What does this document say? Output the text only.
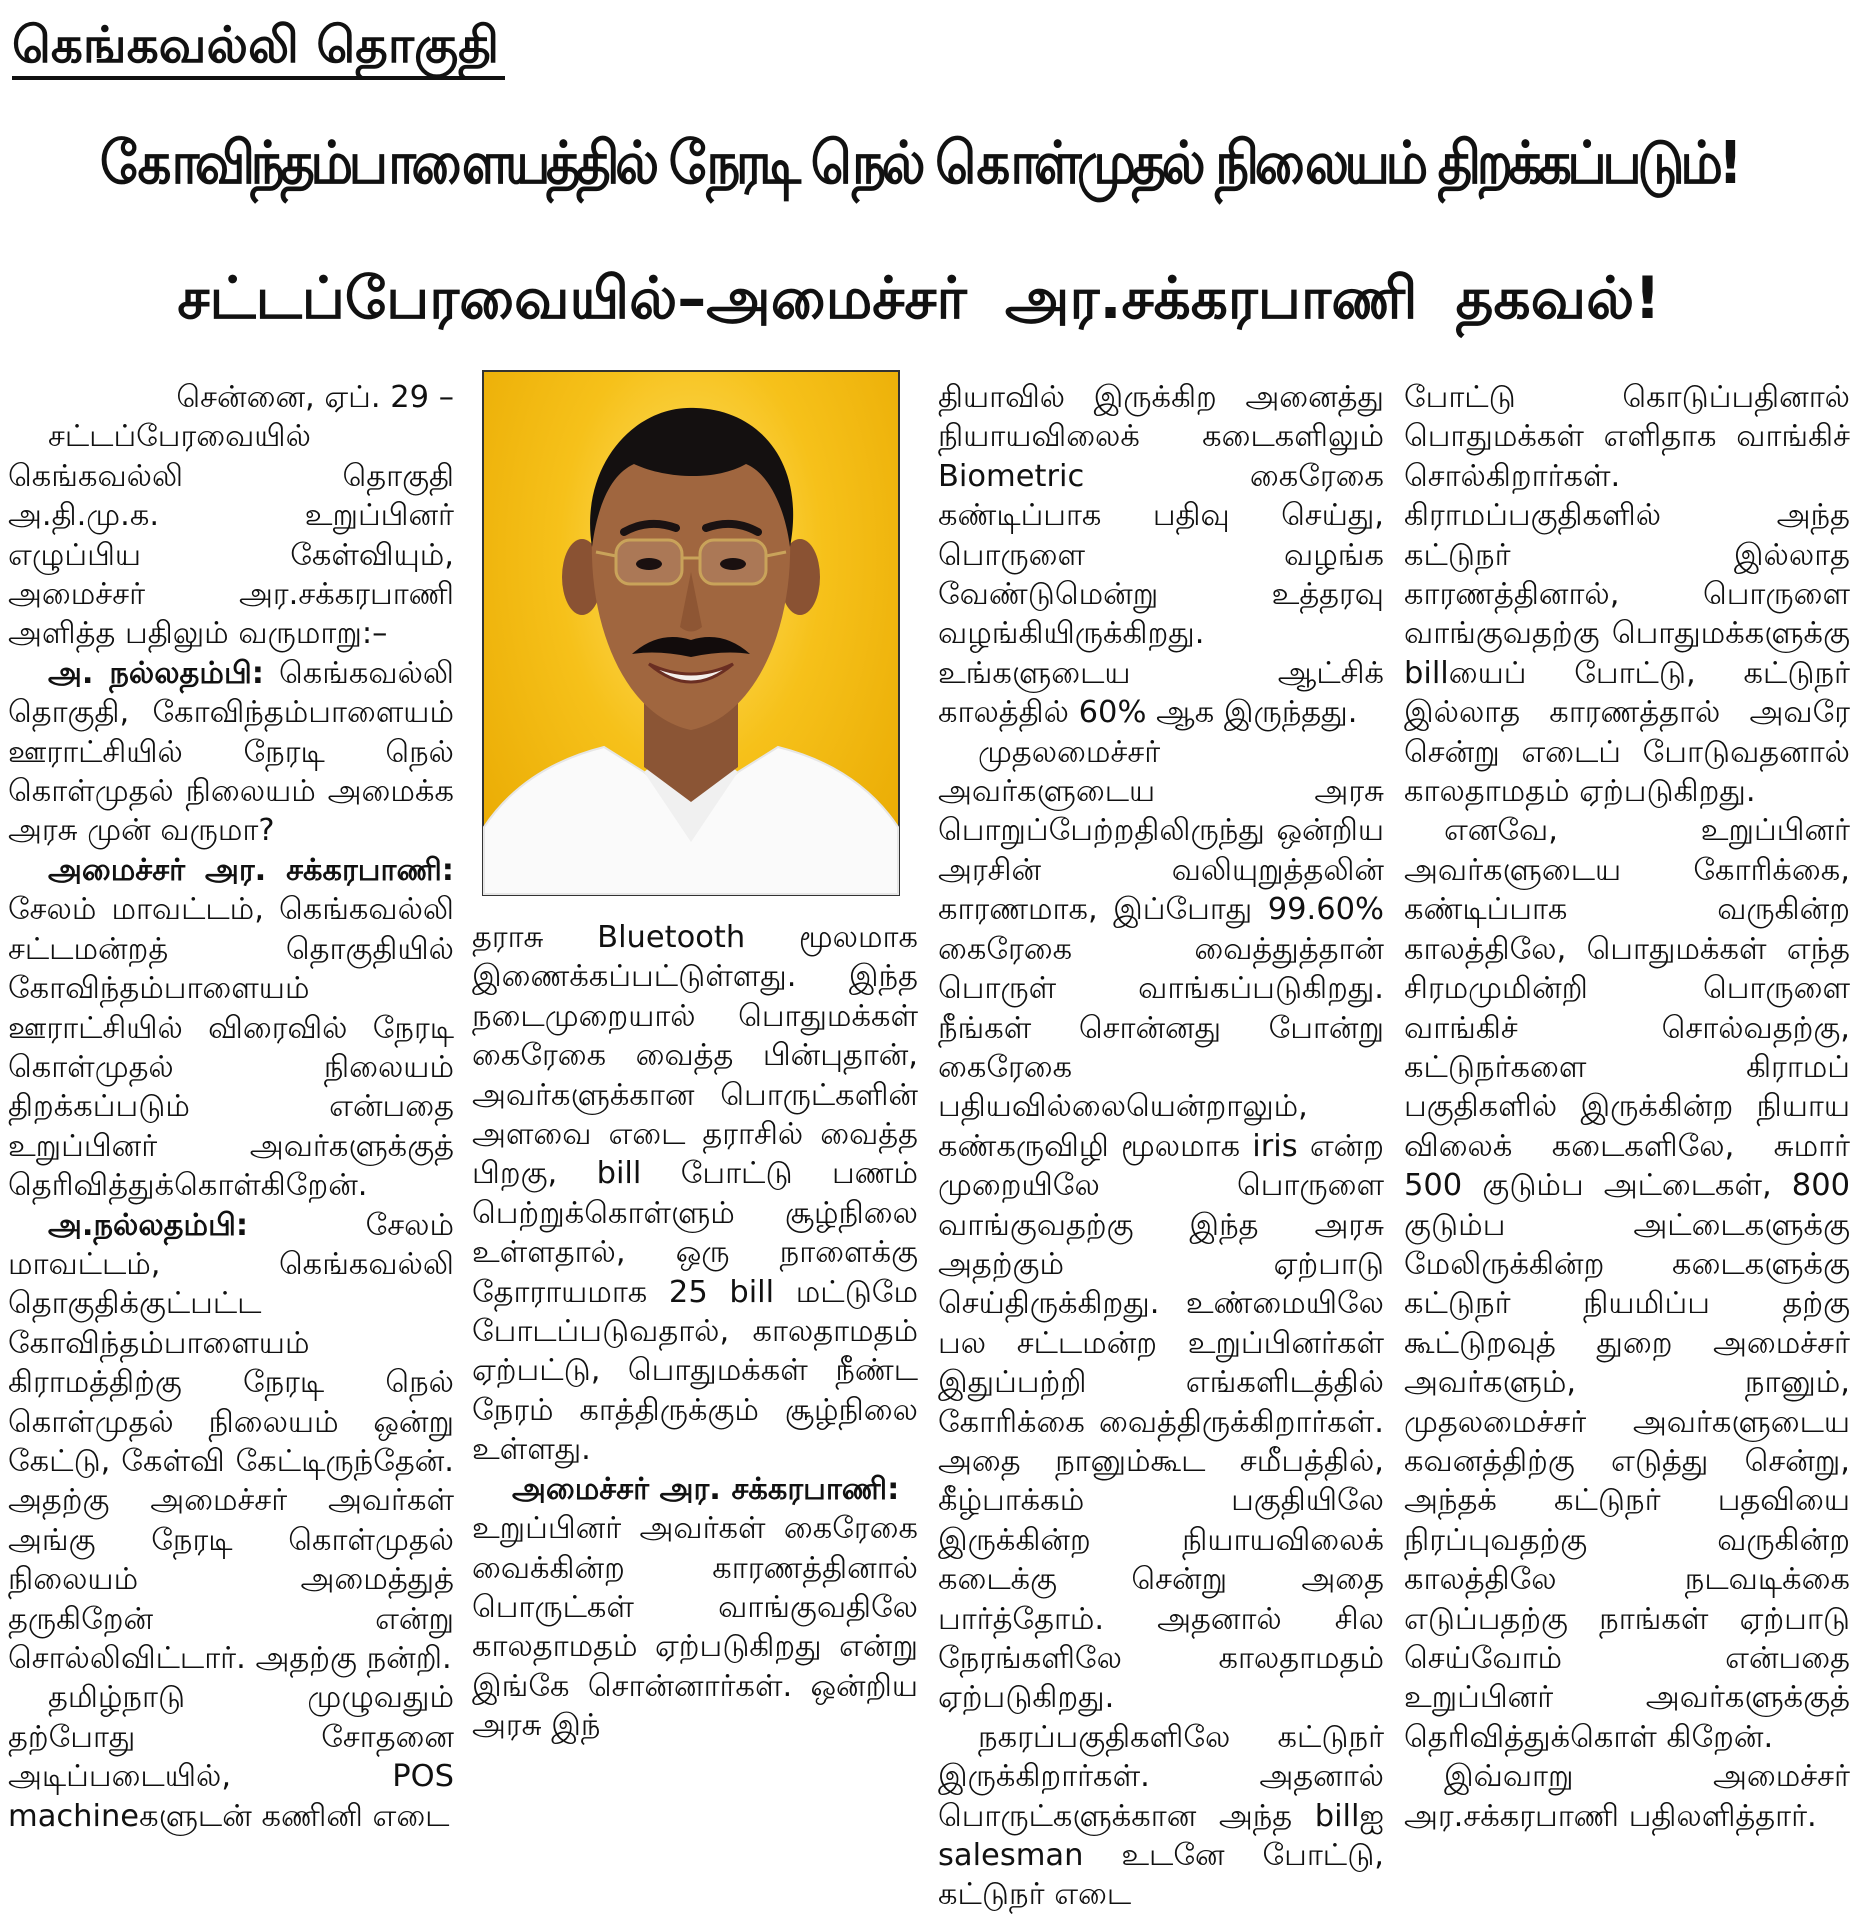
கெங்கவல்லி தொகுதி
கோவிந்தம்பாளையத்தில் நேரடி நெல் கொள்முதல் நிலையம் திறக்கப்படும்!
சட்டப்பேரவையில்–அமைச்சர் அர.சக்கரபாணி தகவல்!

சென்னை, ஏப். 29 –

சட்டப்பேரவையில் கெங்கவல்லி தொகுதி அ.தி.மு.க. உறுப்பினர் எழுப்பிய கேள்வியும், அமைச்சர் அர.சக்கரபாணி அளித்த பதிலும் வருமாறு:–

அ. நல்லதம்பி: கெங்கவல்லி தொகுதி, கோவிந்தம்பாளையம் ஊராட்சியில் நேரடி நெல் கொள்முதல் நிலையம் அமைக்க அரசு முன் வருமா?

அமைச்சர் அர. சக்கரபாணி: சேலம் மாவட்டம், கெங்கவல்லி சட்டமன்றத் தொகுதியில் கோவிந்தம்பாளையம் ஊராட்சியில் விரைவில் நேரடி கொள்முதல் நிலையம் திறக்கப்படும் என்பதை உறுப்பினர் அவர்களுக்குத் தெரிவித்துக்கொள்கிறேன்.

அ.நல்லதம்பி: சேலம் மாவட்டம், கெங்கவல்லி தொகுதிக்குட்பட்ட கோவிந்தம்பாளையம் கிராமத்திற்கு நேரடி நெல் கொள்முதல் நிலையம் ஒன்று கேட்டு, கேள்வி கேட்டிருந்தேன். அதற்கு அமைச்சர் அவர்கள் அங்கு நேரடி கொள்முதல் நிலையம் அமைத்துத் தருகிறேன் என்று சொல்லிவிட்டார். அதற்கு நன்றி.

தமிழ்நாடு முழுவதும் தற்போது சோதனை அடிப்படையில், POS machineகளுடன் கணினி எடை

தராசு Bluetooth மூலமாக இணைக்கப்பட்டுள்ளது. இந்த நடைமுறையால் பொதுமக்கள் கைரேகை வைத்த பின்புதான், அவர்களுக்கான பொருட்களின் அளவை எடை தராசில் வைத்த பிறகு, bill போட்டு பணம் பெற்றுக்கொள்ளும் சூழ்நிலை உள்ளதால், ஒரு நாளைக்கு தோராயமாக 25 bill மட்டுமே போடப்படுவதால், காலதாமதம் ஏற்பட்டு, பொதுமக்கள் நீண்ட நேரம் காத்திருக்கும் சூழ்நிலை உள்ளது.

அமைச்சர் அர. சக்கரபாணி:

உறுப்பினர் அவர்கள் கைரேகை வைக்கின்ற காரணத்தினால் பொருட்கள் வாங்குவதிலே காலதாமதம் ஏற்படுகிறது என்று இங்கே சொன்னார்கள். ஒன்றிய அரசு இந்

தியாவில் இருக்கிற அனைத்து நியாயவிலைக் கடைகளிலும் Biometric கைரேகை கண்டிப்பாக பதிவு செய்து, பொருளை வழங்க வேண்டுமென்று உத்தரவு வழங்கியிருக்கிறது. உங்களுடைய ஆட்சிக் காலத்தில் 60% ஆக இருந்தது.

முதலமைச்சர் அவர்களுடைய அரசு பொறுப்பேற்றதிலிருந்து ஒன்றிய அரசின் வலியுறுத்தலின் காரணமாக, இப்போது 99.60% கைரேகை வைத்துத்தான் பொருள் வாங்கப்படுகிறது. நீங்கள் சொன்னது போன்று கைரேகை பதியவில்லையென்றாலும், கண்கருவிழி மூலமாக iris என்ற முறையிலே பொருளை வாங்குவதற்கு இந்த அரசு அதற்கும் ஏற்பாடு செய்திருக்கிறது. உண்மையிலே பல சட்டமன்ற உறுப்பினர்கள் இதுப்பற்றி எங்களிடத்தில் கோரிக்கை வைத்திருக்கிறார்கள். அதை நானும்கூட சமீபத்தில், கீழ்பாக்கம் பகுதியிலே இருக்கின்ற நியாயவிலைக் கடைக்கு சென்று அதை பார்த்தோம். அதனால் சில நேரங்களிலே காலதாமதம் ஏற்படுகிறது.

நகரப்பகுதிகளிலே கட்டுநர் இருக்கிறார்கள். அதனால் பொருட்களுக்கான அந்த billஐ salesman உடனே போட்டு, கட்டுநர் எடை

போட்டு கொடுப்பதினால் பொதுமக்கள் எளிதாக வாங்கிச் சொல்கிறார்கள். கிராமப்பகுதிகளில் அந்த கட்டுநர் இல்லாத காரணத்தினால், பொருளை வாங்குவதற்கு பொதுமக்களுக்கு billயைப் போட்டு, கட்டுநர் இல்லாத காரணத்தால் அவரே சென்று எடைப் போடுவதனால் காலதாமதம் ஏற்படுகிறது.

எனவே, உறுப்பினர் அவர்களுடைய கோரிக்கை, கண்டிப்பாக வருகின்ற காலத்திலே, பொதுமக்கள் எந்த சிரமமுமின்றி பொருளை வாங்கிச் சொல்வதற்கு, கட்டுநர்களை கிராமப் பகுதிகளில் இருக்கின்ற நியாய விலைக் கடைகளிலே, சுமார் 500 குடும்ப அட்டைகள், 800 குடும்ப அட்டைகளுக்கு மேலிருக்கின்ற கடைகளுக்கு கட்டுநர் நியமிப்ப தற்கு கூட்டுறவுத் துறை அமைச்சர் அவர்களும், நானும், முதலமைச்சர் அவர்களுடைய கவனத்திற்கு எடுத்து சென்று, அந்தக் கட்டுநர் பதவியை நிரப்புவதற்கு வருகின்ற காலத்திலே நடவடிக்கை எடுப்பதற்கு நாங்கள் ஏற்பாடு செய்வோம் என்பதை உறுப்பினர் அவர்களுக்குத் தெரிவித்துக்கொள் கிறேன்.

இவ்வாறு அமைச்சர் அர.சக்கரபாணி பதிலளித்தார்.
